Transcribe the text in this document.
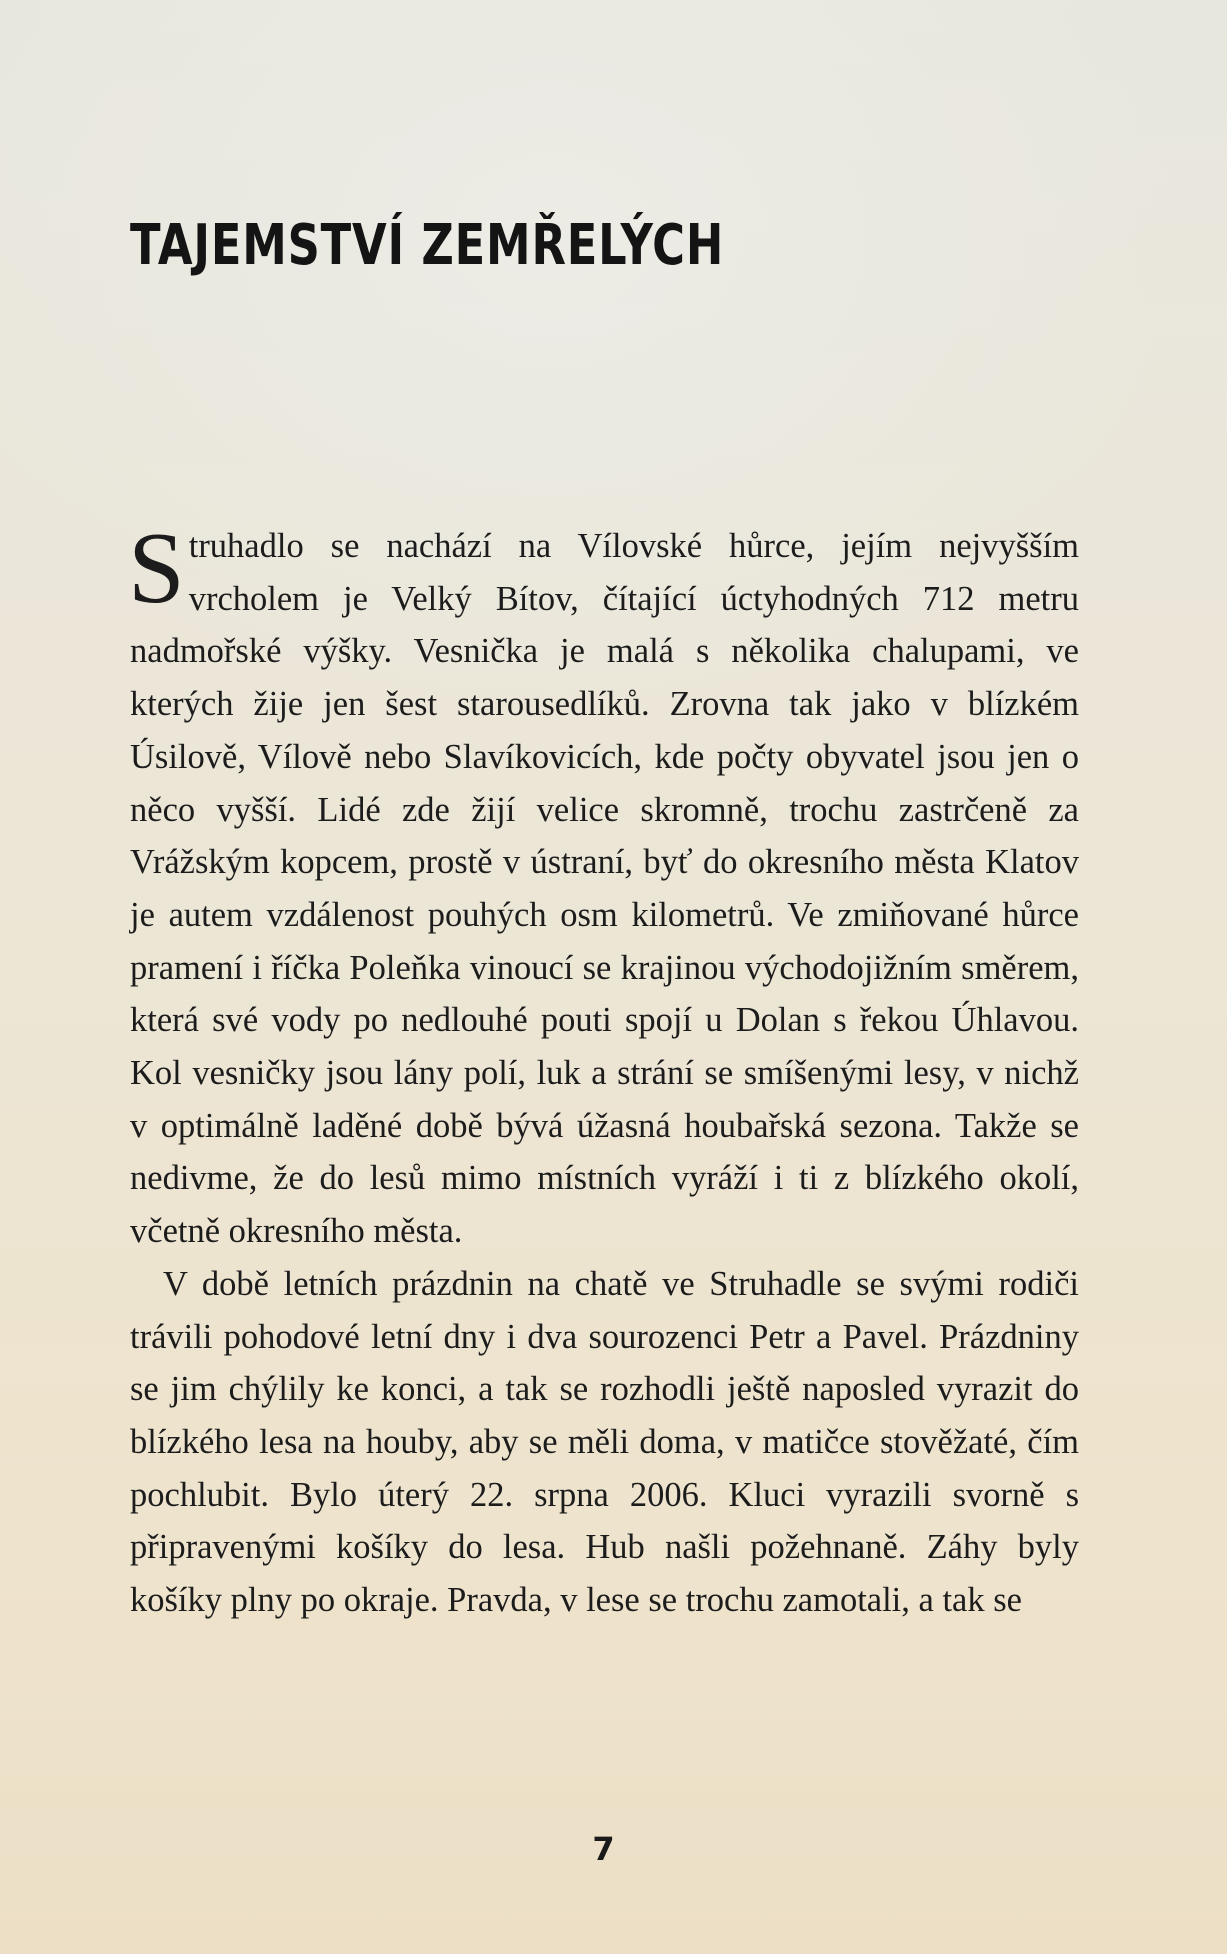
TAJEMSTVÍ ZEMŘELÝCH

Struhadlo se nachází na Vílovské hůrce, jejím nejvyšším vrcholem je Velký Bítov, čítající úctyhodných 712 metru nadmořské výšky. Vesnička je malá s několika chalupami, ve kterých žije jen šest starousedlíků. Zrovna tak jako v blízkém Úsilově, Vílově nebo Slavíkovicích, kde počty obyvatel jsou jen o něco vyšší. Lidé zde žijí velice skromně, trochu zastrčeně za Vrážským kopcem, prostě v ústraní, byť do okresního města Klatov je autem vzdálenost pouhých osm kilometrů. Ve zmiňované hůrce pramení i říčka Poleňka vinoucí se krajinou východojižním směrem, která své vody po nedlouhé pouti spojí u Dolan s řekou Úhlavou. Kol vesničky jsou lány polí, luk a strání se smíšenými lesy, v nichž v optimálně laděné době bývá úžasná houbařská sezona. Takže se nedivme, že do lesů mimo místních vyráží i ti z blízkého okolí, včetně okresního města.

V době letních prázdnin na chatě ve Struhadle se svými rodiči trávili pohodové letní dny i dva sourozenci Petr a Pavel. Prázdniny se jim chýlily ke konci, a tak se rozhodli ještě naposled vyrazit do blízkého lesa na houby, aby se měli doma, v matičce stověžaté, čím pochlubit. Bylo úterý 22. srpna 2006. Kluci vyrazili svorně s připravenými košíky do lesa. Hub našli požehnaně. Záhy byly košíky plny po okraje. Pravda, v lese se trochu zamotali, a tak se

7
